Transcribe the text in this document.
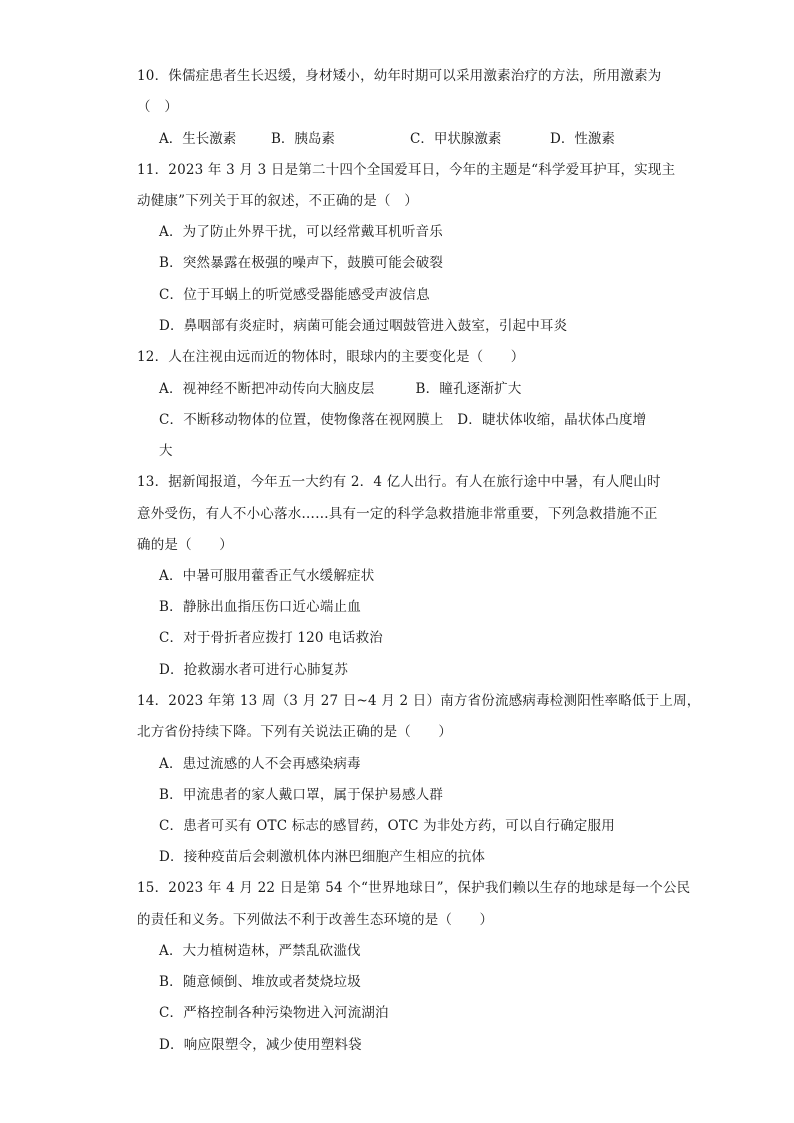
10．侏儒症患者生长迟缓，身材矮小，幼年时期可以采用激素治疗的方法，所用激素为
（　）
A．生长激素	B．胰岛素	C．甲状腺激素	D．性激素
11．2023 年 3 月 3 日是第二十四个全国爱耳日，今年的主题是“科学爱耳护耳，实现主
动健康”下列关于耳的叙述，不正确的是（　）
A．为了防止外界干扰，可以经常戴耳机听音乐
B．突然暴露在极强的噪声下，鼓膜可能会破裂
C．位于耳蜗上的听觉感受器能感受声波信息
D．鼻咽部有炎症时，病菌可能会通过咽鼓管进入鼓室，引起中耳炎
12．人在注视由远而近的物体时，眼球内的主要变化是（　　）
A．视神经不断把冲动传向大脑皮层　　　B．瞳孔逐渐扩大
C．不断移动物体的位置，使物像落在视网膜上　D．睫状体收缩，晶状体凸度增
大
13．据新闻报道，今年五一大约有 2．4 亿人出行。有人在旅行途中中暑，有人爬山时
意外受伤，有人不小心落水……具有一定的科学急救措施非常重要，下列急救措施不正
确的是（　　）
A．中暑可服用藿香正气水缓解症状
B．静脉出血指压伤口近心端止血
C．对于骨折者应拨打 120 电话救治
D．抢救溺水者可进行心肺复苏
14．2023 年第 13 周（3 月 27 日~4 月 2 日）南方省份流感病毒检测阳性率略低于上周，
北方省份持续下降。下列有关说法正确的是（　　）
A．患过流感的人不会再感染病毒
B．甲流患者的家人戴口罩，属于保护易感人群
C．患者可买有 OTC 标志的感冒药，OTC 为非处方药，可以自行确定服用
D．接种疫苗后会刺激机体内淋巴细胞产生相应的抗体
15．2023 年 4 月 22 日是第 54 个“世界地球日”，保护我们赖以生存的地球是每一个公民
的责任和义务。下列做法不利于改善生态环境的是（　　）
A．大力植树造林，严禁乱砍滥伐
B．随意倾倒、堆放或者焚烧垃圾
C．严格控制各种污染物进入河流湖泊
D．响应限塑令，减少使用塑料袋
